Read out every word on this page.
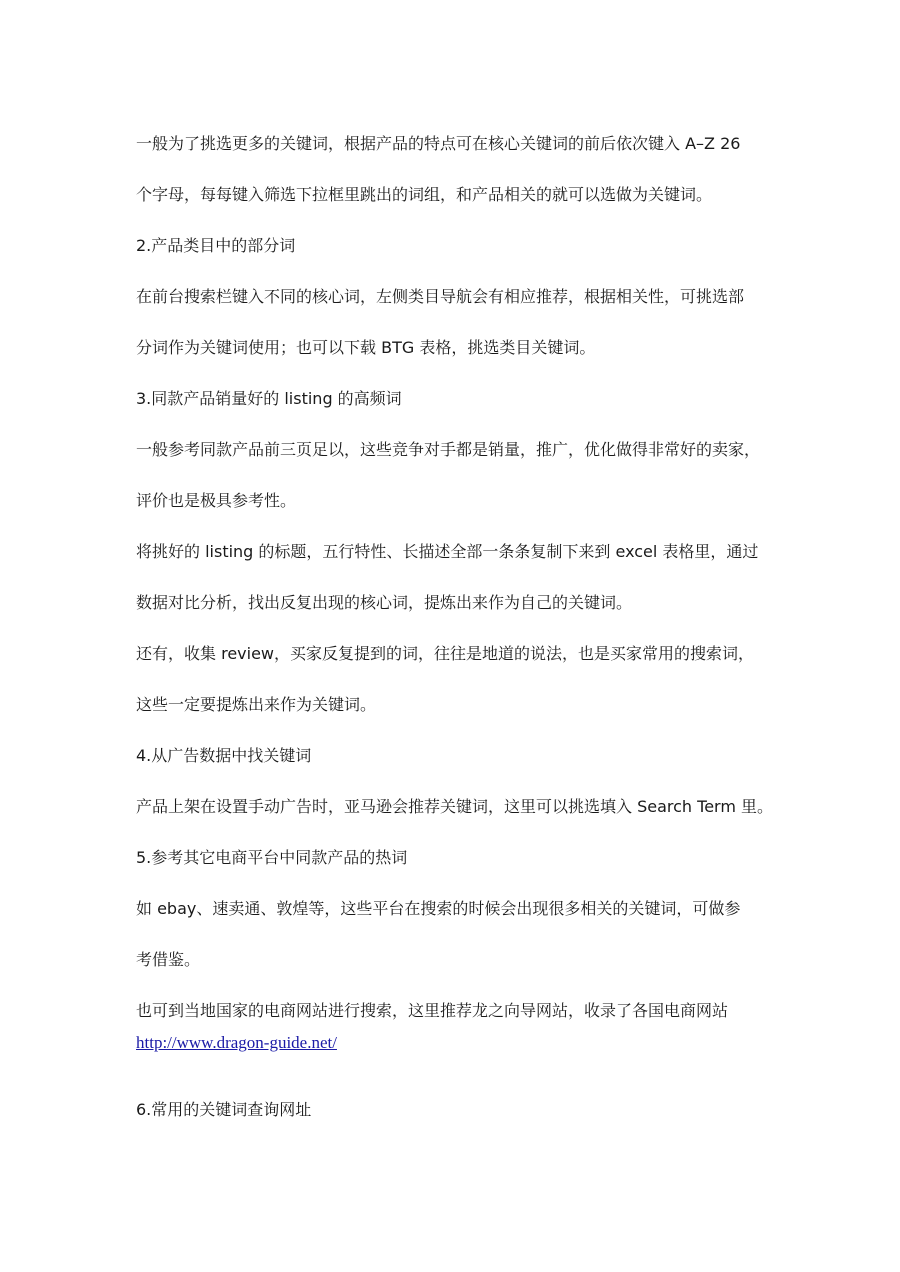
一般为了挑选更多的关键词，根据产品的特点可在核心关键词的前后依次键入 A–Z 26
个字母，每每键入筛选下拉框里跳出的词组，和产品相关的就可以选做为关键词。

2.产品类目中的部分词

在前台搜索栏键入不同的核心词，左侧类目导航会有相应推荐，根据相关性，可挑选部
分词作为关键词使用；也可以下载 BTG 表格，挑选类目关键词。

3.同款产品销量好的 listing 的高频词

一般参考同款产品前三页足以，这些竞争对手都是销量，推广，优化做得非常好的卖家，
评价也是极具参考性。

将挑好的 listing 的标题，五行特性、长描述全部一条条复制下来到 excel 表格里，通过
数据对比分析，找出反复出现的核心词，提炼出来作为自己的关键词。

还有，收集 review，买家反复提到的词，往往是地道的说法，也是买家常用的搜索词，
这些一定要提炼出来作为关键词。

4.从广告数据中找关键词

产品上架在设置手动广告时，亚马逊会推荐关键词，这里可以挑选填入 Search Term 里。

5.参考其它电商平台中同款产品的热词

如 ebay、速卖通、敦煌等，这些平台在搜索的时候会出现很多相关的关键词，可做参
考借鉴。

也可到当地国家的电商网站进行搜索，这里推荐龙之向导网站，收录了各国电商网站

http://www.dragon-guide.net/
6.常用的关键词查询网址
